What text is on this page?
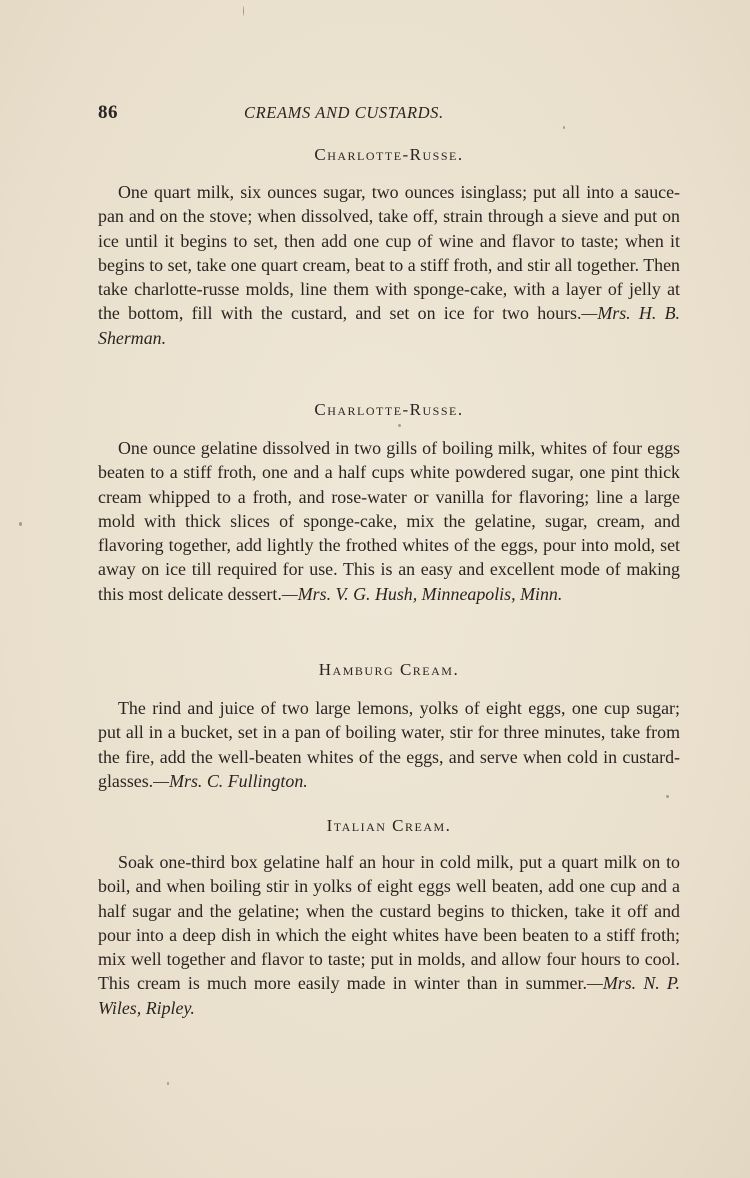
86	CREAMS AND CUSTARDS.
Charlotte-Russe.

One quart milk, six ounces sugar, two ounces isinglass; put all into a sauce-pan and on the stove; when dissolved, take off, strain through a sieve and put on ice until it begins to set, then add one cup of wine and flavor to taste; when it begins to set, take one quart cream, beat to a stiff froth, and stir all together. Then take charlotte-russe molds, line them with sponge-cake, with a layer of jelly at the bottom, fill with the custard, and set on ice for two hours.—Mrs. H. B. Sherman.

Charlotte-Russe.

One ounce gelatine dissolved in two gills of boiling milk, whites of four eggs beaten to a stiff froth, one and a half cups white powdered sugar, one pint thick cream whipped to a froth, and rose-water or vanilla for flavoring; line a large mold with thick slices of sponge-cake, mix the gelatine, sugar, cream, and flavoring together, add lightly the frothed whites of the eggs, pour into mold, set away on ice till required for use. This is an easy and excellent mode of making this most delicate dessert.—Mrs. V. G. Hush, Minneapolis, Minn.

Hamburg Cream.

The rind and juice of two large lemons, yolks of eight eggs, one cup sugar; put all in a bucket, set in a pan of boiling water, stir for three minutes, take from the fire, add the well-beaten whites of the eggs, and serve when cold in custard-glasses.—Mrs. C. Fullington.

Italian Cream.

Soak one-third box gelatine half an hour in cold milk, put a quart milk on to boil, and when boiling stir in yolks of eight eggs well beaten, add one cup and a half sugar and the gelatine; when the custard begins to thicken, take it off and pour into a deep dish in which the eight whites have been beaten to a stiff froth; mix well together and flavor to taste; put in molds, and allow four hours to cool. This cream is much more easily made in winter than in summer.—Mrs. N. P. Wiles, Ripley.
